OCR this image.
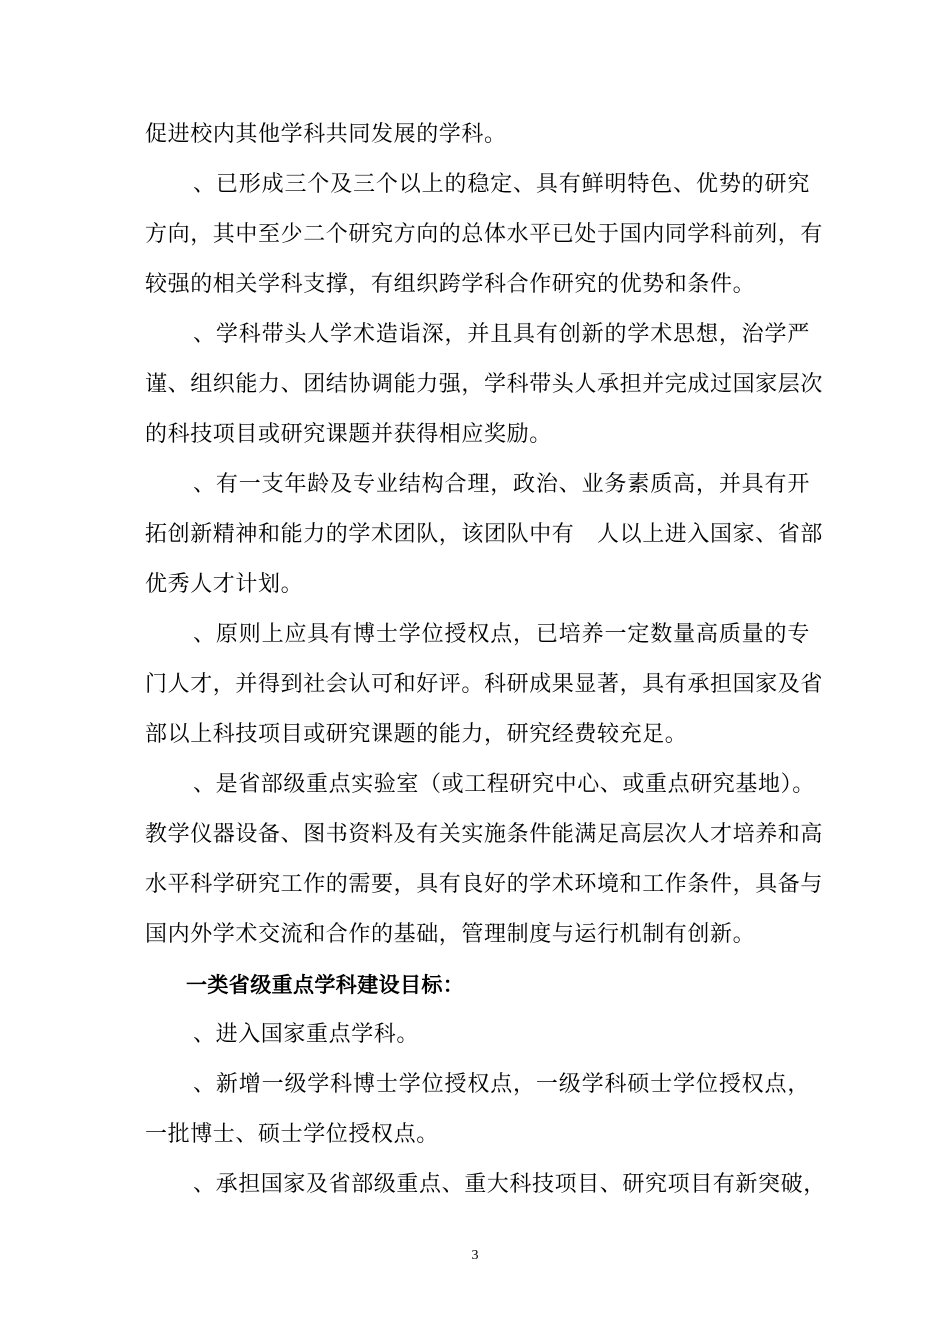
促进校内其他学科共同发展的学科。
、已形成三个及三个以上的稳定、具有鲜明特色、优势的研究
方向，其中至少二个研究方向的总体水平已处于国内同学科前列，有
较强的相关学科支撑，有组织跨学科合作研究的优势和条件。
、学科带头人学术造诣深，并且具有创新的学术思想，治学严
谨、组织能力、团结协调能力强，学科带头人承担并完成过国家层次
的科技项目或研究课题并获得相应奖励。
、有一支年龄及专业结构合理，政治、业务素质高，并具有开
拓创新精神和能力的学术团队，该团队中有　人以上进入国家、省部
优秀人才计划。
、原则上应具有博士学位授权点，已培养一定数量高质量的专
门人才，并得到社会认可和好评。科研成果显著，具有承担国家及省
部以上科技项目或研究课题的能力，研究经费较充足。
、是省部级重点实验室（或工程研究中心、或重点研究基地）。
教学仪器设备、图书资料及有关实施条件能满足高层次人才培养和高
水平科学研究工作的需要，具有良好的学术环境和工作条件，具备与
国内外学术交流和合作的基础，管理制度与运行机制有创新。
一类省级重点学科建设目标：
、进入国家重点学科。
、新增一级学科博士学位授权点，一级学科硕士学位授权点，
一批博士、硕士学位授权点。
、承担国家及省部级重点、重大科技项目、研究项目有新突破，
3
